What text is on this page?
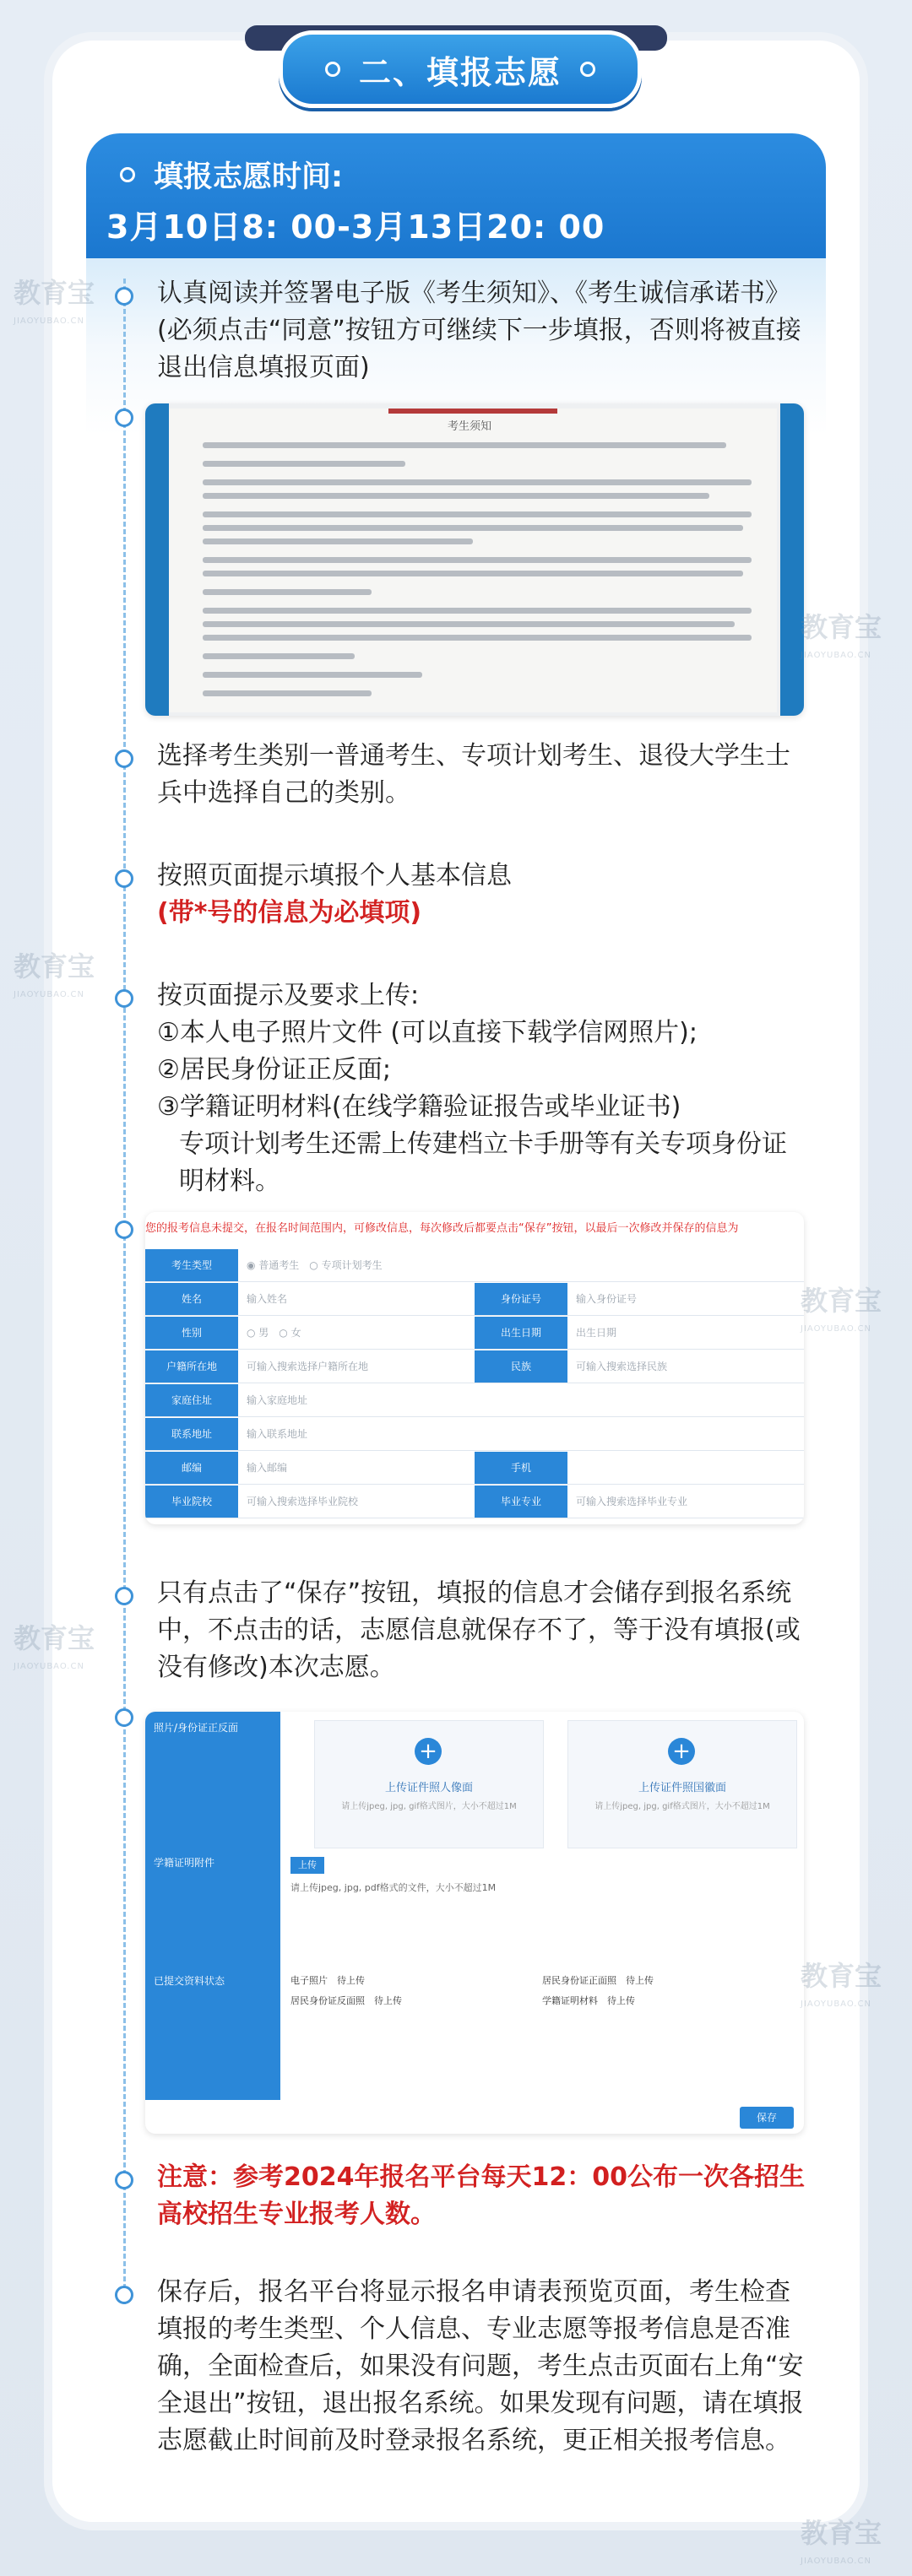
二、填报志愿
填报志愿时间:
3月10日8: 00-3月13日20: 00
认真阅读并签署电子版《考生须知》、《考生诚信承诺书》(必须点击“同意”按钮方可继续下一步填报，否则将被直接退出信息填报页面)
考生须知
选择考生类别一普通考生、专项计划考生、退役大学生士兵中选择自己的类别。
按照页面提示填报个人基本信息
(带*号的信息为必填项)
按页面提示及要求上传:
①本人电子照片文件 (可以直接下载学信网照片);
②居民身份证正反面;
③学籍证明材料(在线学籍验证报告或毕业证书)
专项计划考生还需上传建档立卡手册等有关专项身份证明材料。
您的报考信息未提交，在报名时间范围内，可修改信息，每次修改后都要点击“保存”按钮，以最后一次修改并保存的信息为
考生类型	◉ 普通考生　○ 专项计划考生
姓名	输入姓名	身份证号	输入身份证号
性别	○ 男　○ 女	出生日期	出生日期
户籍所在地	可输入搜索选择户籍所在地	民族	可输入搜索选择民族
家庭住址	输入家庭地址
联系地址	输入联系地址
邮编	输入邮编	手机
毕业院校	可输入搜索选择毕业院校	毕业专业	可输入搜索选择毕业专业
只有点击了“保存”按钮，填报的信息才会储存到报名系统中，不点击的话，志愿信息就保存不了，等于没有填报(或没有修改)本次志愿。
照片/身份证正反面
学籍证明附件
已提交资料状态
+
上传证件照人像面
请上传jpeg, jpg, gif格式图片，大小不超过1M
+
上传证件照国徽面
请上传jpeg, jpg, gif格式图片，大小不超过1M
上传
请上传jpeg, jpg, pdf格式的文件，大小不超过1M
电子照片　待上传	居民身份证正面照　待上传
居民身份证反面照　待上传	学籍证明材料　待上传
保存
注意：参考2024年报名平台每天12：00公布一次各招生高校招生专业报考人数。
保存后，报名平台将显示报名申请表预览页面，考生检查填报的考生类型、个人信息、专业志愿等报考信息是否准确，全面检查后，如果没有问题，考生点击页面右上角“安全退出”按钮，退出报名系统。如果发现有问题，请在填报志愿截止时间前及时登录报名系统，更正相关报考信息。
教育宝
JIAOYUBAO.CN
教育宝
JIAOYUBAO.CN
教育宝
JIAOYUBAO.CN
教育宝
JIAOYUBAO.CN
教育宝
JIAOYUBAO.CN
教育宝
JIAOYUBAO.CN
教育宝
JIAOYUBAO.CN
